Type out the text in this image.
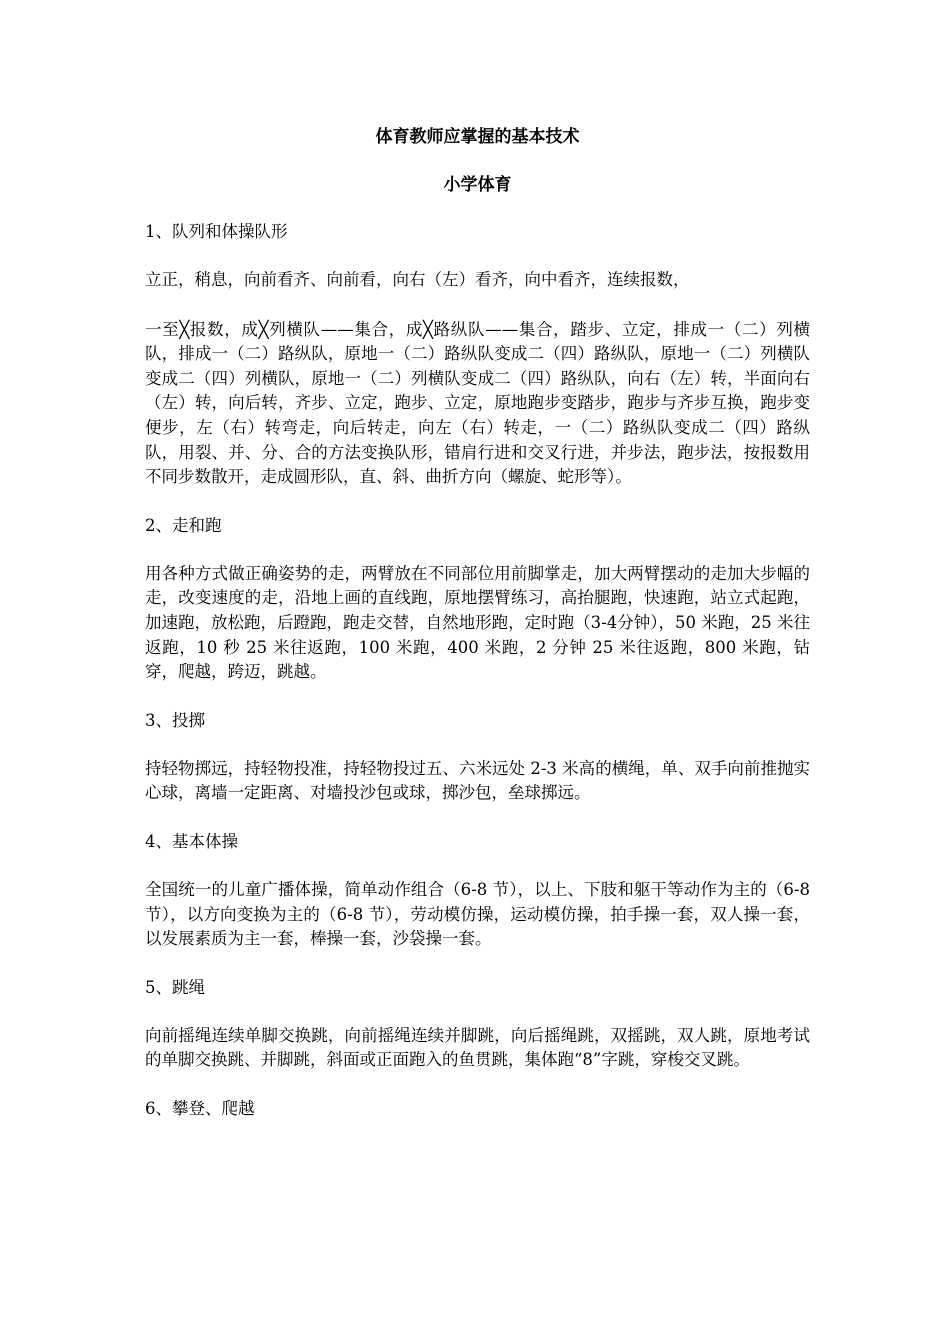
体育教师应掌握的基本技术
小学体育
1、队列和体操队形

立正，稍息，向前看齐、向前看，向右（左）看齐，向中看齐，连续报数，

一至╳报数，成╳列横队——集合，成╳路纵队——集合，踏步、立定，排成一（二）列横队，排成一（二）路纵队，原地一（二）路纵队变成二（四）路纵队，原地一（二）列横队变成二（四）列横队，原地一（二）列横队变成二（四）路纵队，向右（左）转，半面向右（左）转，向后转，齐步、立定，跑步、立定，原地跑步变踏步，跑步与齐步互换，跑步变便步，左（右）转弯走，向后转走，向左（右）转走，一（二）路纵队变成二（四）路纵队，用裂、并、分、合的方法变换队形，错肩行进和交叉行进，并步法，跑步法，按报数用不同步数散开，走成圆形队，直、斜、曲折方向（螺旋、蛇形等）。

2、走和跑

用各种方式做正确姿势的走，两臂放在不同部位用前脚掌走，加大两臂摆动的走加大步幅的走，改变速度的走，沿地上画的直线跑，原地摆臂练习，高抬腿跑，快速跑，站立式起跑，加速跑，放松跑，后蹬跑，跑走交替，自然地形跑，定时跑（3-4分钟），50 米跑，25 米往返跑，10 秒 25 米往返跑，100 米跑，400 米跑，2 分钟 25 米往返跑，800 米跑，钻穿，爬越，跨迈，跳越。

3、投掷

持轻物掷远，持轻物投准，持轻物投过五、六米远处 2-3 米高的横绳，单、双手向前推抛实心球，离墙一定距离、对墙投沙包或球，掷沙包，垒球掷远。

4、基本体操

全国统一的儿童广播体操，简单动作组合（6-8 节），以上、下肢和躯干等动作为主的（6-8 节），以方向变换为主的（6-8 节），劳动模仿操，运动模仿操，拍手操一套，双人操一套，以发展素质为主一套，棒操一套，沙袋操一套。

5、跳绳

向前摇绳连续单脚交换跳，向前摇绳连续并脚跳，向后摇绳跳，双摇跳，双人跳，原地考试的单脚交换跳、并脚跳，斜面或正面跑入的鱼贯跳，集体跑“8”字跳，穿梭交叉跳。

6、攀登、爬越
